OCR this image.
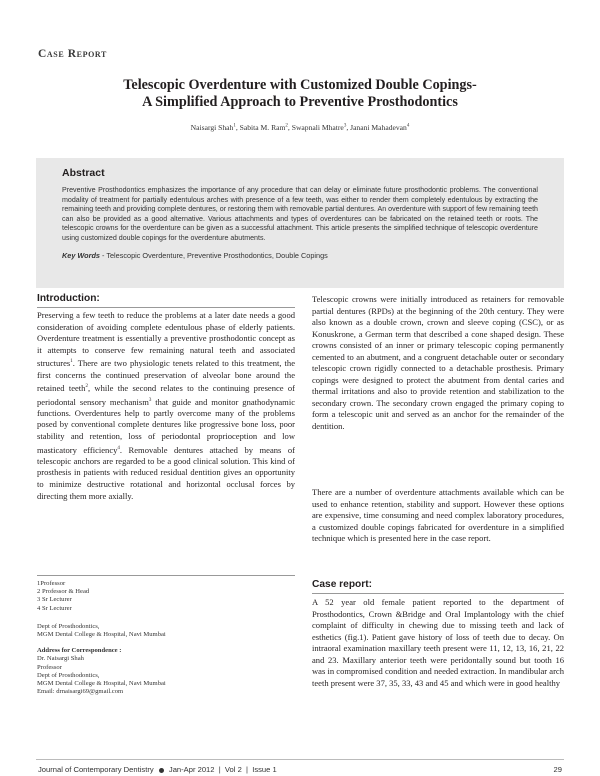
Case Report
Telescopic Overdenture with Customized Double Copings-
A Simplified Approach to Preventive Prosthodontics
Naisargi Shah$^1$, Sabita M. Ram$^2$, Swapnali Mhatre$^3$, Janani Mahadevan$^4$
Abstract

Preventive Prosthodontics emphasizes the importance of any procedure that can delay or eliminate future prosthodontic problems. The conventional modality of treatment for partially edentulous arches with presence of a few teeth, was either to render them completely edentulous by extracting the remaining teeth and providing complete dentures, or restoring them with removable partial dentures. An overdenture with support of few remaining teeth can also be provided as a good alternative. Various attachments and types of overdentures can be fabricated on the retained teeth or roots. The telescopic crowns for the overdenture can be given as a successful attachment. This article presents the simplified technique of telescopic overdenture using customized double copings for the overdenture abutments.

Key Words - Telescopic Overdenture, Preventive Prosthodontics, Double Copings
Introduction:

Preserving a few teeth to reduce the problems at a later date needs a good consideration of avoiding complete edentulous phase of elderly patients. Overdenture treatment is essentially a preventive prosthodontic concept as it attempts to conserve few remaining natural teeth and associated structures$^1$. There are two physiologic tenets related to this treatment, the first concerns the continued preservation of alveolar bone around the retained teeth$^2$, while the second relates to the continuing presence of periodontal sensory mechanism$^3$ that guide and monitor gnathodynamic functions. Overdentures help to partly overcome many of the problems posed by conventional complete dentures like progressive bone loss, poor stability and retention, loss of periodontal proprioception and low masticatory efficiency$^4$. Removable dentures attached by means of telescopic anchors are regarded to be a good clinical solution. This kind of prosthesis in patients with reduced residual dentition gives an opportunity to minimize destructive rotational and horizontal occlusal forces by directing them more axially.

1Professor

2 Professor & Head

3 Sr Lecturer

4 Sr Lecturer

Dept of Prosthodontics,

MGM Dental College & Hospital, Navi Mumbai

Address for Correspondence :

Dr. Naisargi Shah

Professor

Dept of Prosthodontics,

MGM Dental College & Hospital, Navi Mumbai

Email: drnaisargi69@gmail.com

Telescopic crowns were initially introduced as retainers for removable partial dentures (RPDs) at the beginning of the 20th century. They were also known as a double crown, crown and sleeve coping (CSC), or as Konuskrone, a German term that described a cone shaped design. These crowns consisted of an inner or primary telescopic coping permanently cemented to an abutment, and a congruent detachable outer or secondary telescopic crown rigidly connected to a detachable prosthesis. Primary copings were designed to protect the abutment from dental caries and thermal irritations and also to provide retention and stabilization to the secondary crown. The secondary crown engaged the primary coping to form a telescopic unit and served as an anchor for the remainder of the dentition.

There are a number of overdenture attachments available which can be used to enhance retention, stability and support. However these options are expensive, time consuming and need complex laboratory procedures, a customized double copings fabricated for overdenture in a simplified technique which is presented here in the case report.

Case report:

A 52 year old female patient reported to the department of Prosthodontics, Crown &Bridge and Oral Implantology with the chief complaint of difficulty in chewing due to missing teeth and lack of esthetics (fig.1). Patient gave history of loss of teeth due to decay. On intraoral examination maxillary teeth present were 11, 12, 13, 16, 21, 22 and 23. Maxillary anterior teeth were peridontally sound but tooth 16 was in compromised condition and needed extraction. In mandibular arch teeth present were 37, 35, 33, 43 and 45 and which were in good healthy

Journal of Contemporary Dentistry Jan-Apr 2012  |  Vol 2  |  Issue 1	29
